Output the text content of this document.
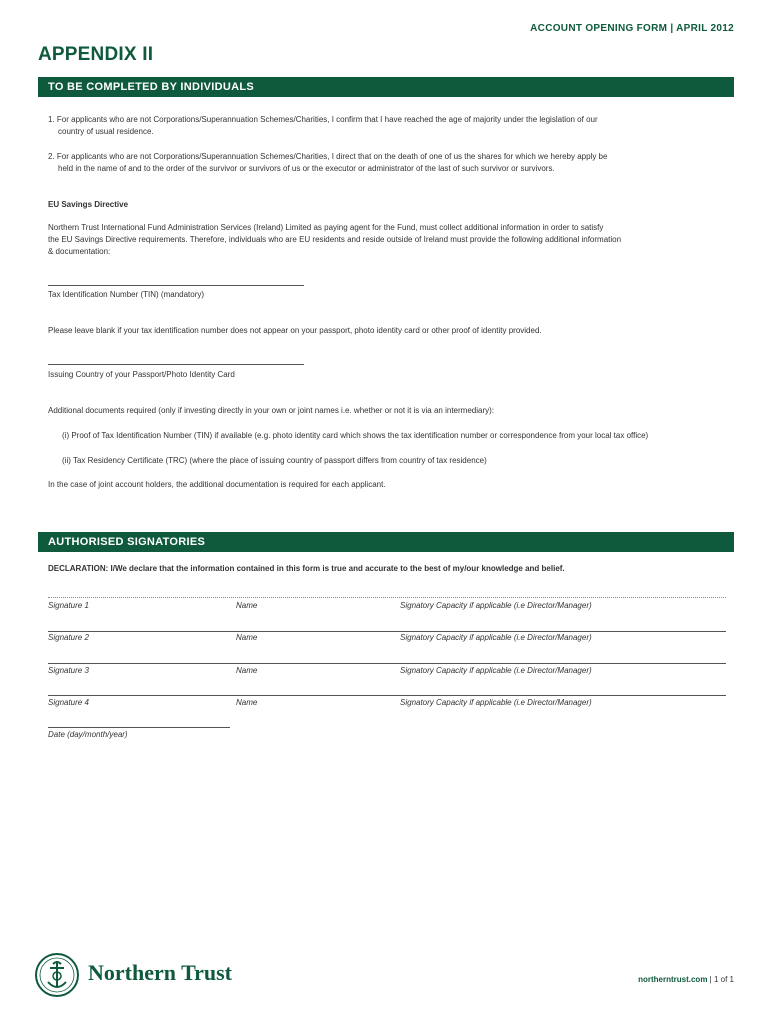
ACCOUNT OPENING FORM | APRIL 2012
APPENDIX II
TO BE COMPLETED BY INDIVIDUALS
1. For applicants who are not Corporations/Superannuation Schemes/Charities, I confirm that I have reached the age of majority under the legislation of our
country of usual residence.
2. For applicants who are not Corporations/Superannuation Schemes/Charities, I direct that on the death of one of us the shares for which we hereby apply be
held in the name of and to the order of the survivor or survivors of us or the executor or administrator of the last of such survivor or survivors.
EU Savings Directive
Northern Trust International Fund Administration Services (Ireland) Limited as paying agent for the Fund, must collect additional information in order to satisfy
the EU Savings Directive requirements. Therefore, individuals who are EU residents and reside outside of Ireland must provide the following additional information
& documentation:
Tax Identification Number (TIN) (mandatory)
Please leave blank if your tax identification number does not appear on your passport, photo identity card or other proof of identity provided.
Issuing Country of your Passport/Photo Identity Card
Additional documents required (only if investing directly in your own or joint names i.e. whether or not it is via an intermediary):
(i) Proof of Tax Identification Number (TIN) if available (e.g. photo identity card which shows the tax identification number or correspondence from your local tax office)
(ii) Tax Residency Certificate (TRC) (where the place of issuing country of passport differs from country of tax residence)
In the case of joint account holders, the additional documentation is required for each applicant.
AUTHORISED SIGNATORIES
DECLARATION: I/We declare that the information contained in this form is true and accurate to the best of my/our knowledge and belief.
Signature 1	Name	Signatory Capacity if applicable (i.e Director/Manager)
Signature 2	Name	Signatory Capacity if applicable (i.e Director/Manager)
Signature 3	Name	Signatory Capacity if applicable (i.e Director/Manager)
Signature 4	Name	Signatory Capacity if applicable (i.e Director/Manager)
Date (day/month/year)
Northern Trust	northerntrust.com | 1 of 1
